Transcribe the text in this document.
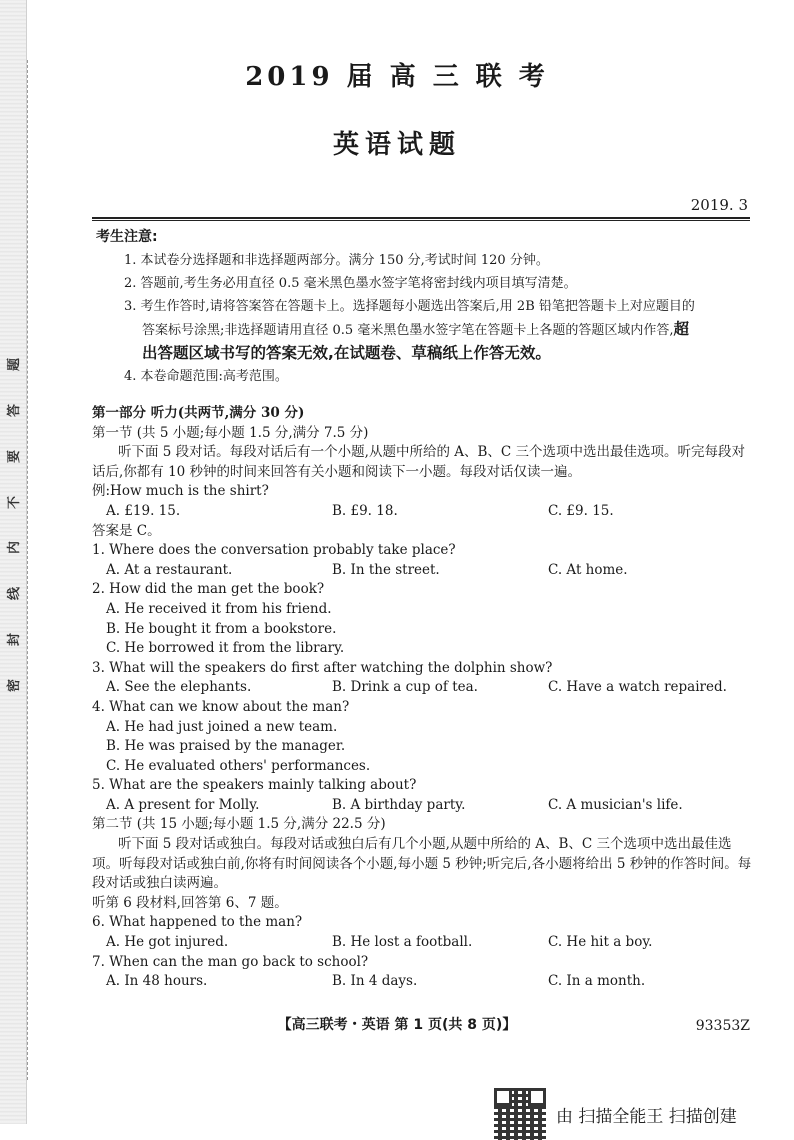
题
答
要
不
内
线
封
密
2019 届 高 三 联 考
英语试题
2019. 3

考生注意:

1. 本试卷分选择题和非选择题两部分。满分 150 分,考试时间 120 分钟。

2. 答题前,考生务必用直径 0.5 毫米黑色墨水签字笔将密封线内项目填写清楚。

3. 考生作答时,请将答案答在答题卡上。选择题每小题选出答案后,用 2B 铅笔把答题卡上对应题目的

答案标号涂黑;非选择题请用直径 0.5 毫米黑色墨水签字笔在答题卡上各题的答题区域内作答,超

出答题区域书写的答案无效,在试题卷、草稿纸上作答无效。

4. 本卷命题范围:高考范围。

第一部分 听力(共两节,满分 30 分)

第一节 (共 5 小题;每小题 1.5 分,满分 7.5 分)

听下面 5 段对话。每段对话后有一个小题,从题中所给的 A、B、C 三个选项中选出最佳选项。听完每段对话后,你都有 10 秒钟的时间来回答有关小题和阅读下一小题。每段对话仅读一遍。

例:How much is the shirt?

A. £19. 15.	B. £9. 18.	C. £9. 15.

答案是 C。

1. Where does the conversation probably take place?

A. At a restaurant.	B. In the street.	C. At home.

2. How did the man get the book?

A. He received it from his friend.

B. He bought it from a bookstore.

C. He borrowed it from the library.

3. What will the speakers do first after watching the dolphin show?

A. See the elephants.	B. Drink a cup of tea.	C. Have a watch repaired.

4. What can we know about the man?

A. He had just joined a new team.

B. He was praised by the manager.

C. He evaluated others' performances.

5. What are the speakers mainly talking about?

A. A present for Molly.	B. A birthday party.	C. A musician's life.

第二节 (共 15 小题;每小题 1.5 分,满分 22.5 分)

听下面 5 段对话或独白。每段对话或独白后有几个小题,从题中所给的 A、B、C 三个选项中选出最佳选项。听每段对话或独白前,你将有时间阅读各个小题,每小题 5 秒钟;听完后,各小题将给出 5 秒钟的作答时间。每段对话或独白读两遍。

听第 6 段材料,回答第 6、7 题。

6. What happened to the man?

A. He got injured.	B. He lost a football.	C. He hit a boy.

7. When can the man go back to school?

A. In 48 hours.	B. In 4 days.	C. In a month.
【高三联考・英语 第 1 页(共 8 页)】	93353Z
由 扫描全能王 扫描创建
